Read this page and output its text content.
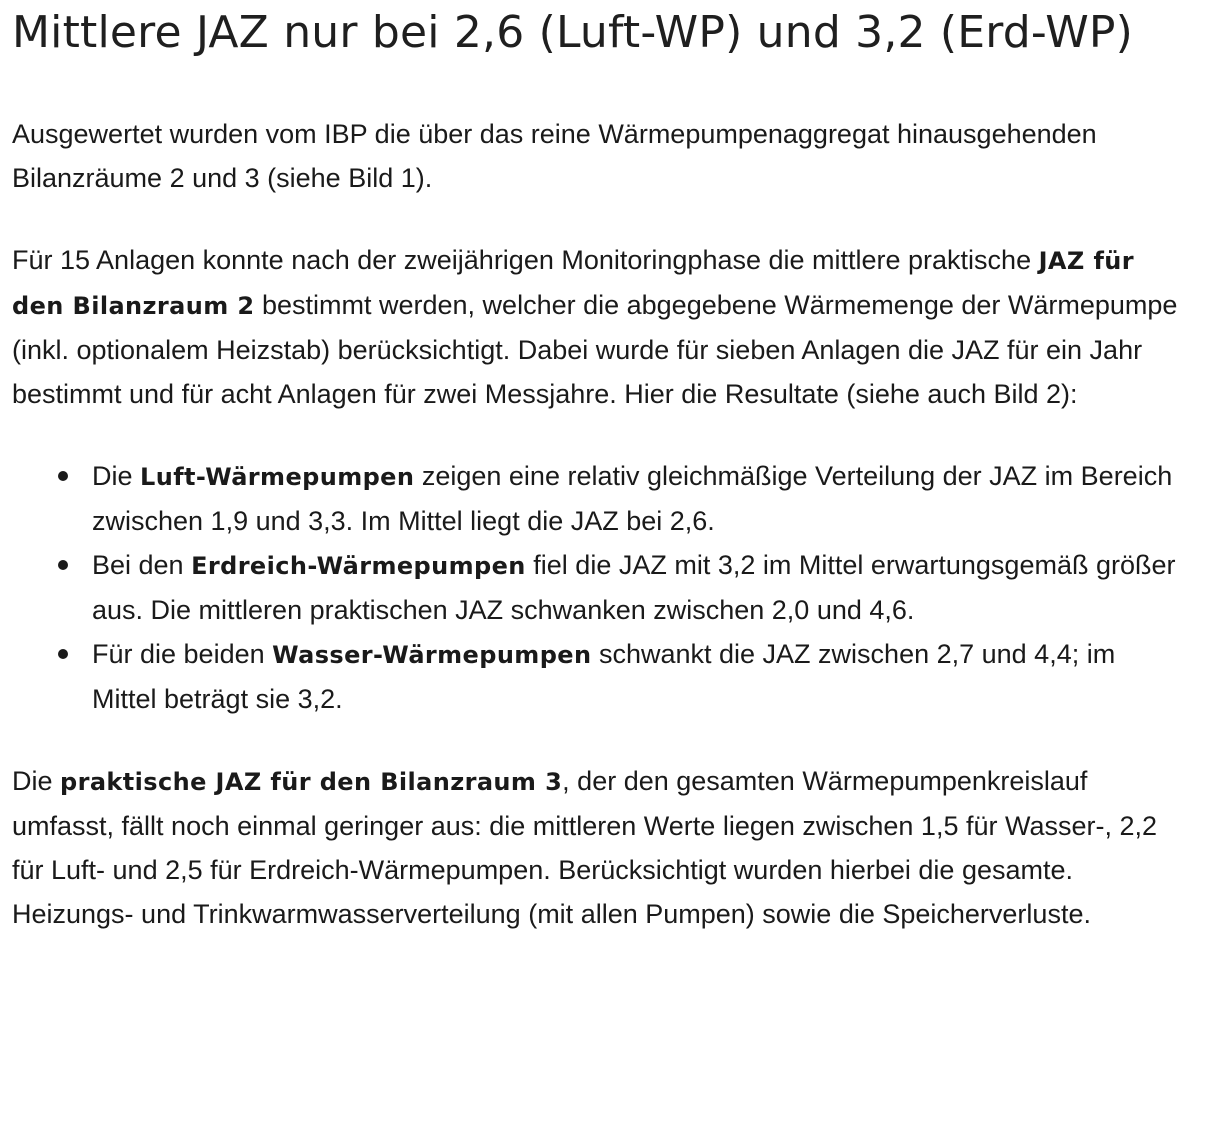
Mittlere JAZ nur bei 2,6 (Luft-WP) und 3,2 (Erd-WP)

Ausgewertet wurden vom IBP die über das reine Wärmepumpenaggregat hinausgehenden Bilanzräume 2 und 3 (siehe Bild 1).

Für 15 Anlagen konnte nach der zweijährigen Monitoringphase die mittlere praktische JAZ für den Bilanzraum 2 bestimmt werden, welcher die abgegebene Wärmemenge der Wärmepumpe (inkl. optionalem Heizstab) berücksichtigt. Dabei wurde für sieben Anlagen die JAZ für ein Jahr bestimmt und für acht Anlagen für zwei Messjahre. Hier die Resultate (siehe auch Bild 2):

Die Luft-Wärmepumpen zeigen eine relativ gleichmäßige Verteilung der JAZ im Bereich zwischen 1,9 und 3,3. Im Mittel liegt die JAZ bei 2,6.
Bei den Erdreich-Wärmepumpen fiel die JAZ mit 3,2 im Mittel erwartungsgemäß größer aus. Die mittleren praktischen JAZ schwanken zwischen 2,0 und 4,6.
Für die beiden Wasser-Wärmepumpen schwankt die JAZ zwischen 2,7 und 4,4; im Mittel beträgt sie 3,2.

Die praktische JAZ für den Bilanzraum 3, der den gesamten Wärmepumpenkreislauf umfasst, fällt noch einmal geringer aus: die mittleren Werte liegen zwischen 1,5 für Wasser-, 2,2 für Luft- und 2,5 für Erdreich-Wärmepumpen. Berücksichtigt wurden hierbei die gesamte. Heizungs- und Trinkwarmwasserverteilung (mit allen Pumpen) sowie die Speicherverluste.
